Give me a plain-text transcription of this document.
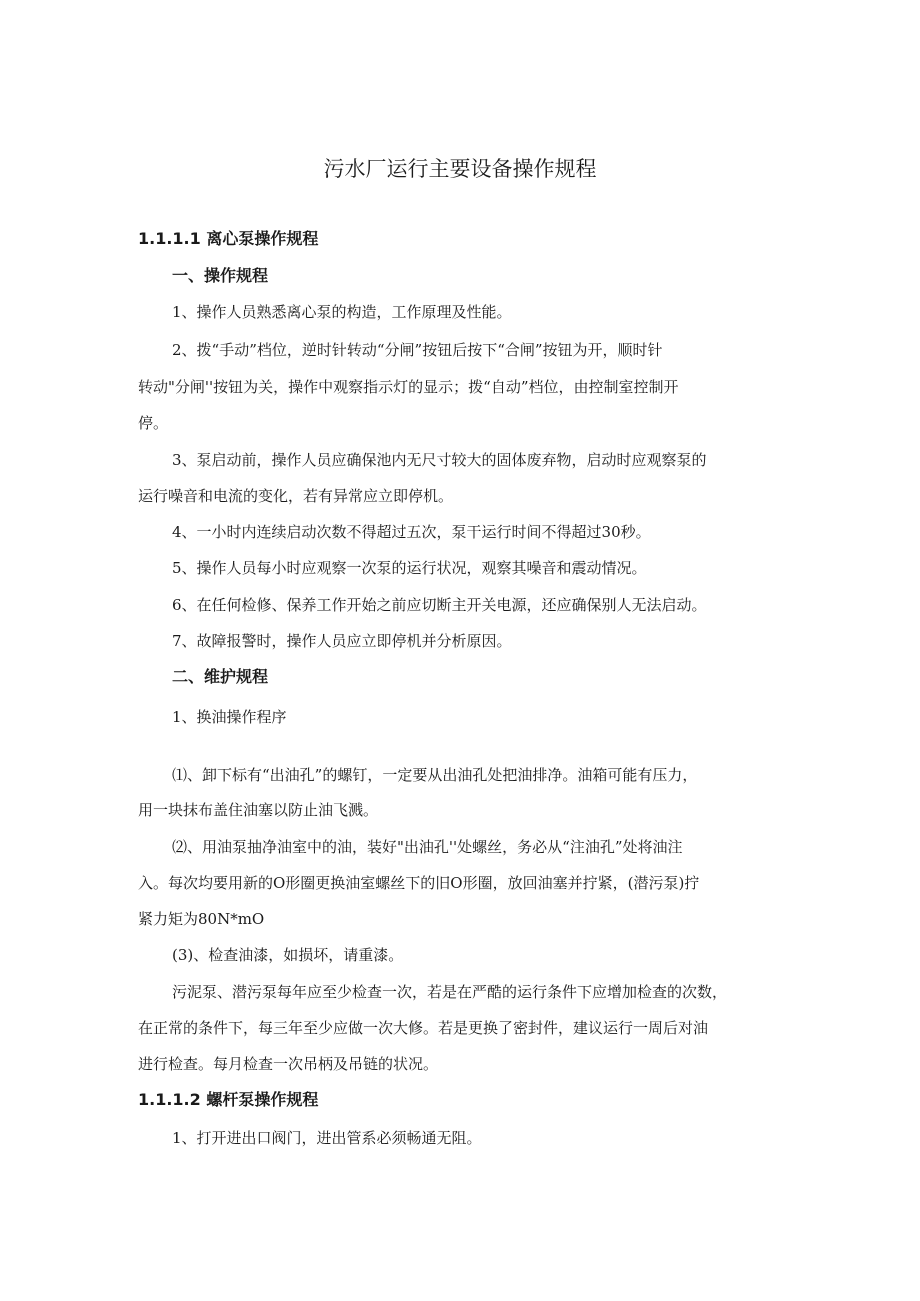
污水厂运行主要设备操作规程

1.1.1.1 离心泵操作规程

一、操作规程

1、操作人员熟悉离心泵的构造，工作原理及性能。

2、拨“手动”档位，逆时针转动“分闸”按钮后按下“合闸”按钮为开，顺时针

转动"分闸''按钮为关，操作中观察指示灯的显示；拨“自动”档位，由控制室控制开

停。

3、泵启动前，操作人员应确保池内无尺寸较大的固体废弃物，启动时应观察泵的

运行噪音和电流的变化，若有异常应立即停机。

4、一小时内连续启动次数不得超过五次，泵干运行时间不得超过30秒。

5、操作人员每小时应观察一次泵的运行状况，观察其噪音和震动情况。

6、在任何检修、保养工作开始之前应切断主开关电源，还应确保别人无法启动。

7、故障报警时，操作人员应立即停机并分析原因。

二、维护规程

1、换油操作程序

⑴、卸下标有“出油孔”的螺钉，一定要从出油孔处把油排净。油箱可能有压力，

用一块抹布盖住油塞以防止油飞溅。

⑵、用油泵抽净油室中的油，装好"出油孔''处螺丝，务必从“注油孔”处将油注

入。每次均要用新的O形圈更换油室螺丝下的旧O形圈，放回油塞并拧紧，(潜污泵)拧

紧力矩为80N*mO

(3)、检查油漆，如损坏，请重漆。

污泥泵、潜污泵每年应至少检查一次，若是在严酷的运行条件下应增加检查的次数，

在正常的条件下，每三年至少应做一次大修。若是更换了密封件，建议运行一周后对油

进行检查。每月检查一次吊柄及吊链的状况。

1.1.1.2 螺杆泵操作规程

1、打开进出口阀门，进出管系必须畅通无阻。
